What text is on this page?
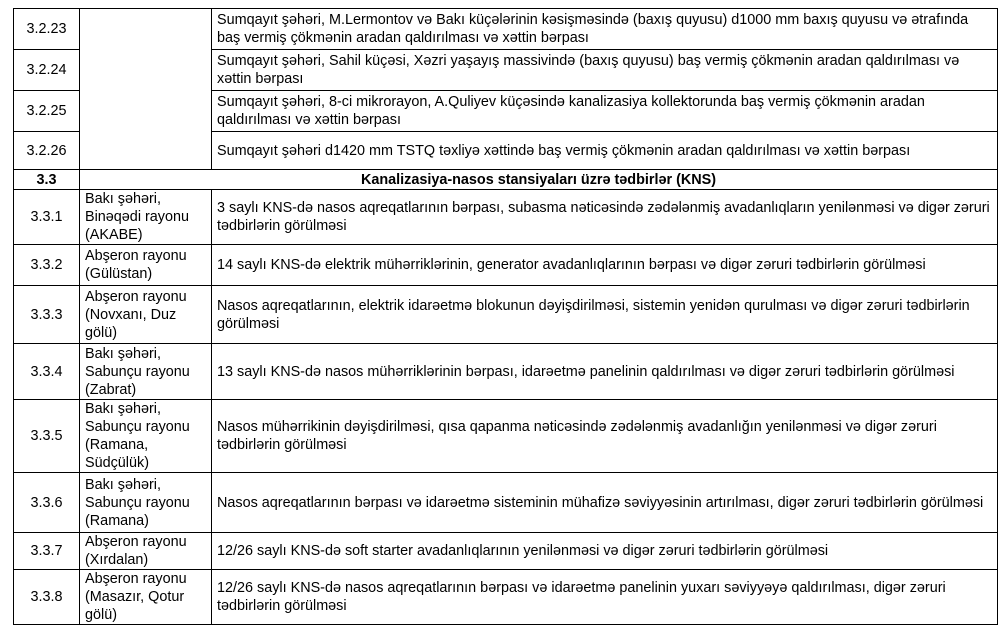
3.2.23		Sumqayıt şəhəri, M.Lermontov və Bakı küçələrinin kəsişməsində (baxış quyusu) d1000 mm baxış quyusu və ətrafında baş vermiş çökmənin aradan qaldırılması və xəttin bərpası
3.2.24		Sumqayıt şəhəri, Sahil küçəsi, Xəzri yaşayış massivində (baxış quyusu) baş vermiş çökmənin aradan qaldırılması və xəttin bərpası
3.2.25		Sumqayıt şəhəri, 8-ci mikrorayon, A.Quliyev küçəsində kanalizasiya kollektorunda baş vermiş çökmənin aradan qaldırılması və xəttin bərpası
3.2.26		Sumqayıt şəhəri d1420 mm TSTQ təxliyə xəttində baş vermiş çökmənin aradan qaldırılması və xəttin bərpası
3.3	Kanalizasiya-nasos stansiyaları üzrə tədbirlər (KNS)	
3.3.1	Bakı şəhəri, Binəqədi rayonu (AKABE)	3 saylı KNS-də nasos aqreqatlarının bərpası, subasma nəticəsində zədələnmiş avadanlıqların yenilənməsi və digər zəruri tədbirlərin görülməsi
3.3.2	Abşeron rayonu (Gülüstan)	14 saylı KNS-də elektrik mühərriklərinin, generator avadanlıqlarının bərpası və digər zəruri tədbirlərin görülməsi
3.3.3	Abşeron rayonu (Novxanı, Duz gölü)	Nasos aqreqatlarının, elektrik idarəetmə blokunun dəyişdirilməsi, sistemin yenidən qurulması və digər zəruri tədbirlərin görülməsi
3.3.4	Bakı şəhəri, Sabunçu rayonu (Zabrat)	13 saylı KNS-də nasos mühərriklərinin bərpası, idarəetmə panelinin qaldırılması və digər zəruri tədbirlərin görülməsi
3.3.5	Bakı şəhəri, Sabunçu rayonu (Ramana, Südçülük)	Nasos mühərrikinin dəyişdirilməsi, qısa qapanma nəticəsində zədələnmiş avadanlığın yenilənməsi və digər zəruri tədbirlərin görülməsi
3.3.6	Bakı şəhəri, Sabunçu rayonu (Ramana)	Nasos aqreqatlarının bərpası və idarəetmə sisteminin mühafizə səviyyəsinin artırılması, digər zəruri tədbirlərin görülməsi
3.3.7	Abşeron rayonu (Xırdalan)	12/26 saylı KNS-də soft starter avadanlıqlarının yenilənməsi və digər zəruri tədbirlərin görülməsi
3.3.8	Abşeron rayonu (Masazır, Qotur gölü)	12/26 saylı KNS-də nasos aqreqatlarının bərpası və idarəetmə panelinin yuxarı səviyyəyə qaldırılması, digər zəruri tədbirlərin görülməsi
